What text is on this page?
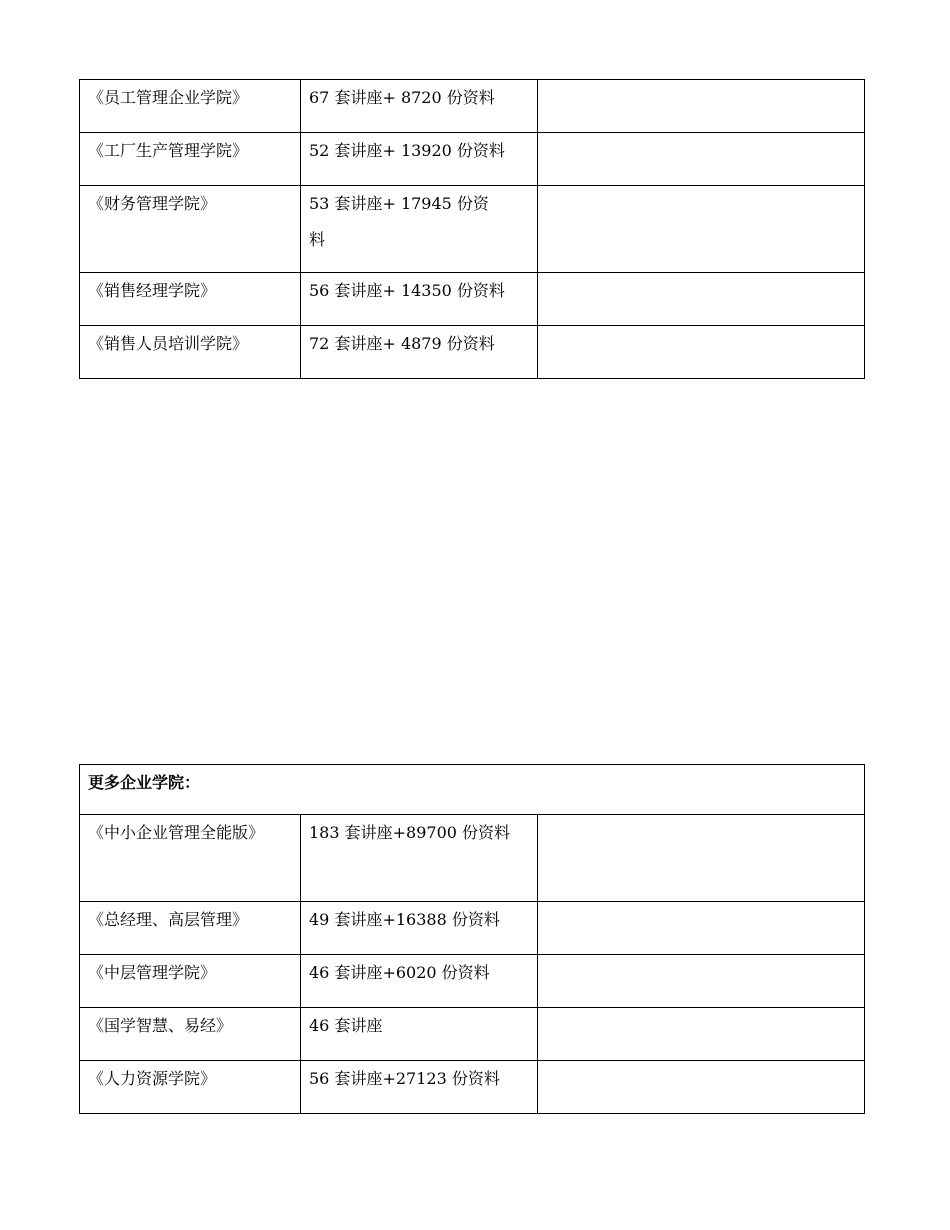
《员工管理企业学院》	67 套讲座+ 8720 份资料	
《工厂生产管理学院》	52 套讲座+ 13920 份资料	
《财务管理学院》	53 套讲座+ 17945 份资料	
《销售经理学院》	56 套讲座+ 14350 份资料	
《销售人员培训学院》	72 套讲座+ 4879 份资料	
更多企业学院：		
《中小企业管理全能版》	183 套讲座+89700 份资料	
《总经理、高层管理》	49 套讲座+16388 份资料	
《中层管理学院》	46 套讲座+6020 份资料	
《国学智慧、易经》	46 套讲座	
《人力资源学院》	56 套讲座+27123 份资料	
